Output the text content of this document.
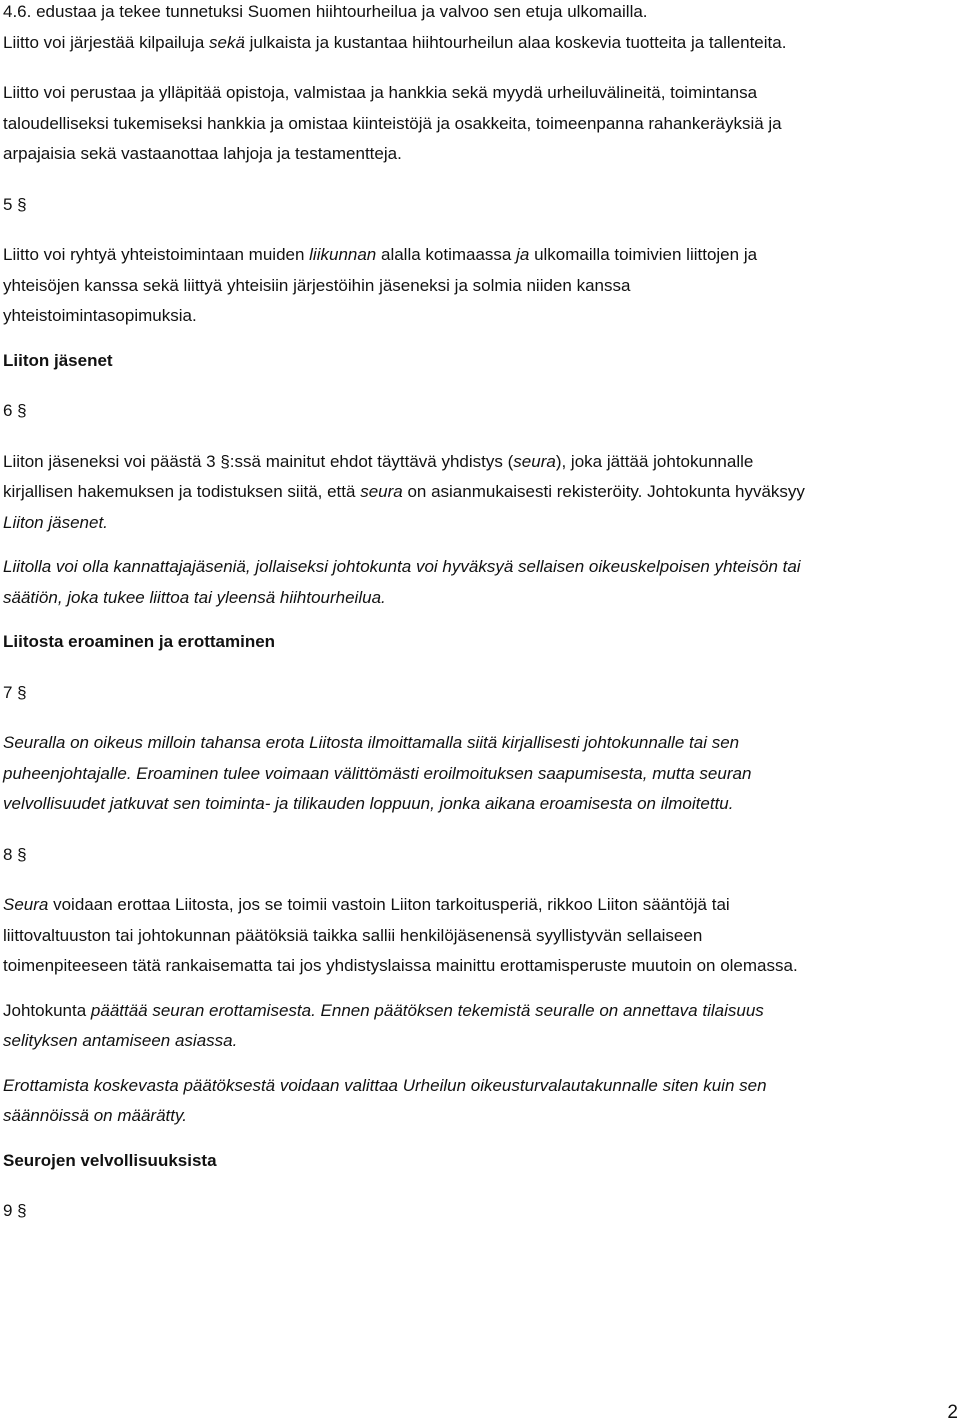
4.6. edustaa ja tekee tunnetuksi Suomen hiihtourheilua ja valvoo sen etuja ulkomailla.

Liitto voi järjestää kilpailuja sekä julkaista ja kustantaa hiihtourheilun alaa koskevia tuotteita ja tallenteita.

Liitto voi perustaa ja ylläpitää opistoja, valmistaa ja hankkia sekä myydä urheiluvälineitä, toimintansa

taloudelliseksi tukemiseksi hankkia ja omistaa kiinteistöjä ja osakkeita, toimeenpanna rahankeräyksiä ja

arpajaisia sekä vastaanottaa lahjoja ja testamentteja.

5 §

Liitto voi ryhtyä yhteistoimintaan muiden liikunnan alalla kotimaassa ja ulkomailla toimivien liittojen ja

yhteisöjen kanssa sekä liittyä yhteisiin järjestöihin jäseneksi ja solmia niiden kanssa

yhteistoimintasopimuksia.

Liiton jäsenet

6 §

Liiton jäseneksi voi päästä 3 §:ssä mainitut ehdot täyttävä yhdistys (seura), joka jättää johtokunnalle

kirjallisen hakemuksen ja todistuksen siitä, että seura on asianmukaisesti rekisteröity. Johtokunta hyväksyy

Liiton jäsenet.

Liitolla voi olla kannattajajäseniä, jollaiseksi johtokunta voi hyväksyä sellaisen oikeuskelpoisen yhteisön tai

säätiön, joka tukee liittoa tai yleensä hiihtourheilua.

Liitosta eroaminen ja erottaminen

7 §

Seuralla on oikeus milloin tahansa erota Liitosta ilmoittamalla siitä kirjallisesti johtokunnalle tai sen

puheenjohtajalle. Eroaminen tulee voimaan välittömästi eroilmoituksen saapumisesta, mutta seuran

velvollisuudet jatkuvat sen toiminta- ja tilikauden loppuun, jonka aikana eroamisesta on ilmoitettu.

8 §

Seura voidaan erottaa Liitosta, jos se toimii vastoin Liiton tarkoitusperiä, rikkoo Liiton sääntöjä tai

liittovaltuuston tai johtokunnan päätöksiä taikka sallii henkilöjäsenensä syyllistyvän sellaiseen

toimenpiteeseen tätä rankaisematta tai jos yhdistyslaissa mainittu erottamisperuste muutoin on olemassa.

Johtokunta päättää seuran erottamisesta. Ennen päätöksen tekemistä seuralle on annettava tilaisuus

selityksen antamiseen asiassa.

Erottamista koskevasta päätöksestä voidaan valittaa Urheilun oikeusturvalautakunnalle siten kuin sen

säännöissä on määrätty.

Seurojen velvollisuuksista

9 §

2
